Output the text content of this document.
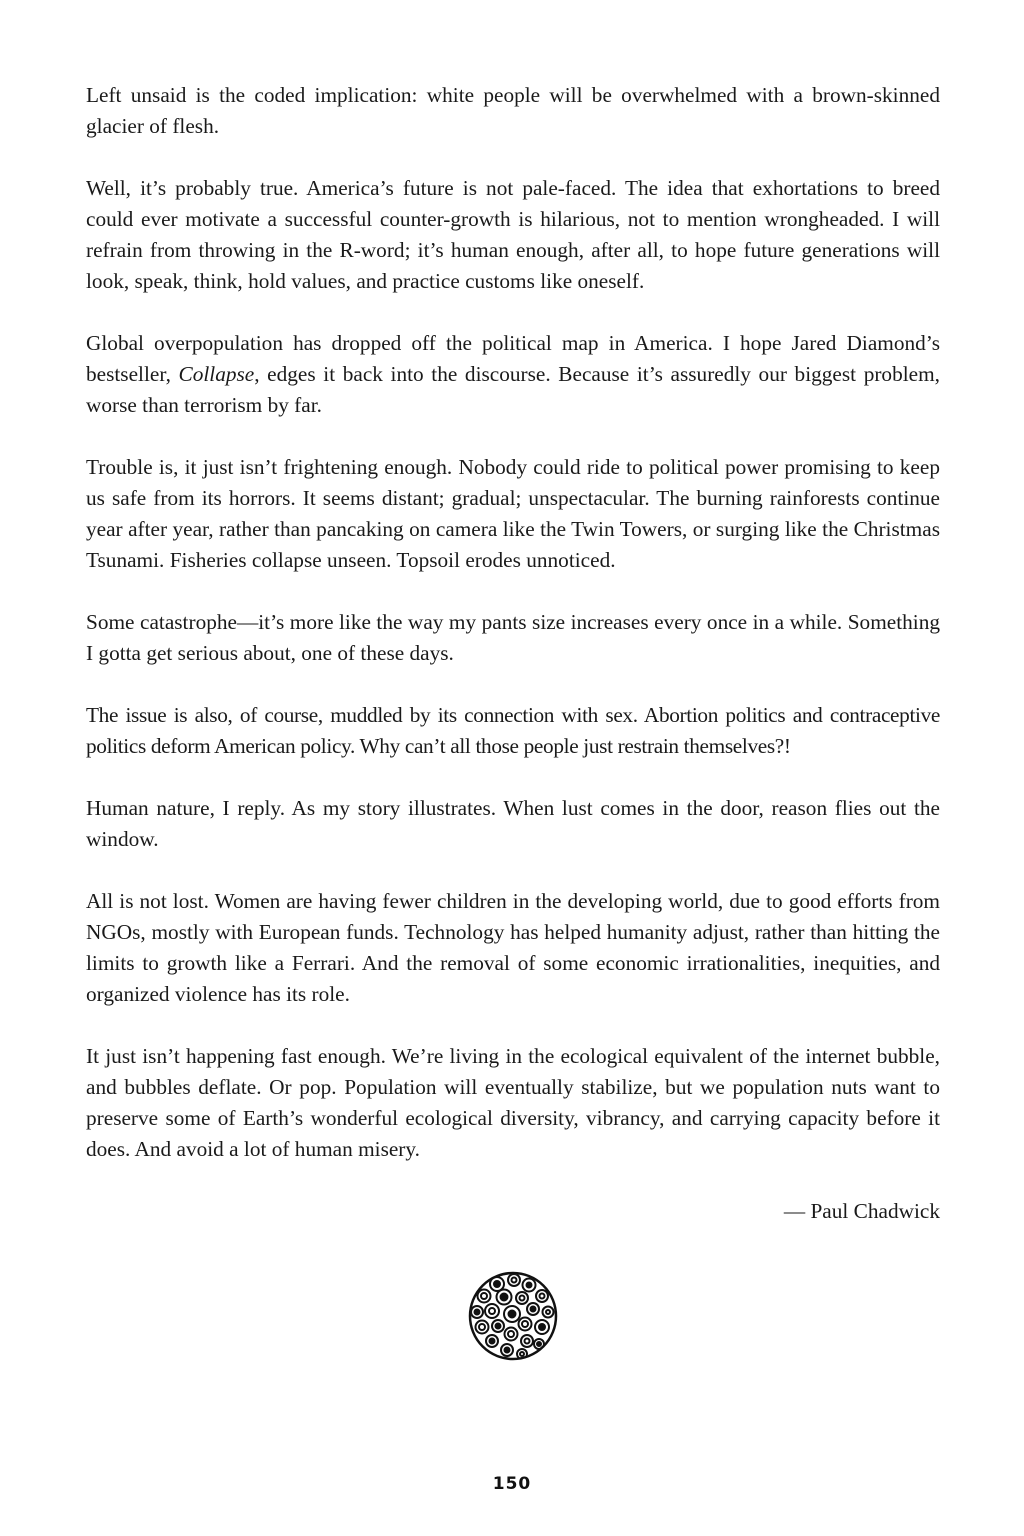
Left unsaid is the coded implication: white people will be overwhelmed with a brown-skinned glacier of flesh.

Well, it’s probably true. America’s future is not pale-faced. The idea that exhortations to breed could ever motivate a successful counter-growth is hilarious, not to mention wrongheaded. I will refrain from throwing in the R-word; it’s human enough, after all, to hope future generations will look, speak, think, hold values, and practice customs like oneself.

Global overpopulation has dropped off the political map in America. I hope Jared Diamond’s bestseller, Collapse, edges it back into the discourse. Because it’s assuredly our biggest problem, worse than terrorism by far.

Trouble is, it just isn’t frightening enough. Nobody could ride to political power promising to keep us safe from its horrors. It seems distant; gradual; unspectacular. The burning rainforests continue year after year, rather than pancaking on camera like the Twin Towers, or surging like the Christmas Tsunami. Fisheries collapse unseen. Topsoil erodes unnoticed.

Some catastrophe—it’s more like the way my pants size increases every once in a while. Something I gotta get serious about, one of these days.

The issue is also, of course, muddled by its connection with sex. Abortion politics and contraceptive politics deform American policy. Why can’t all those people just restrain themselves?!

Human nature, I reply. As my story illustrates. When lust comes in the door, reason flies out the window.

All is not lost. Women are having fewer children in the developing world, due to good efforts from NGOs, mostly with European funds. Technology has helped humanity adjust, rather than hitting the limits to growth like a Ferrari. And the removal of some economic irrationalities, inequities, and organized violence has its role.

It just isn’t happening fast enough. We’re living in the ecological equivalent of the internet bubble, and bubbles deflate. Or pop. Population will eventually stabilize, but we population nuts want to preserve some of Earth’s wonderful ecological diversity, vibrancy, and carrying capacity before it does. And avoid a lot of human misery.

— Paul Chadwick

150
